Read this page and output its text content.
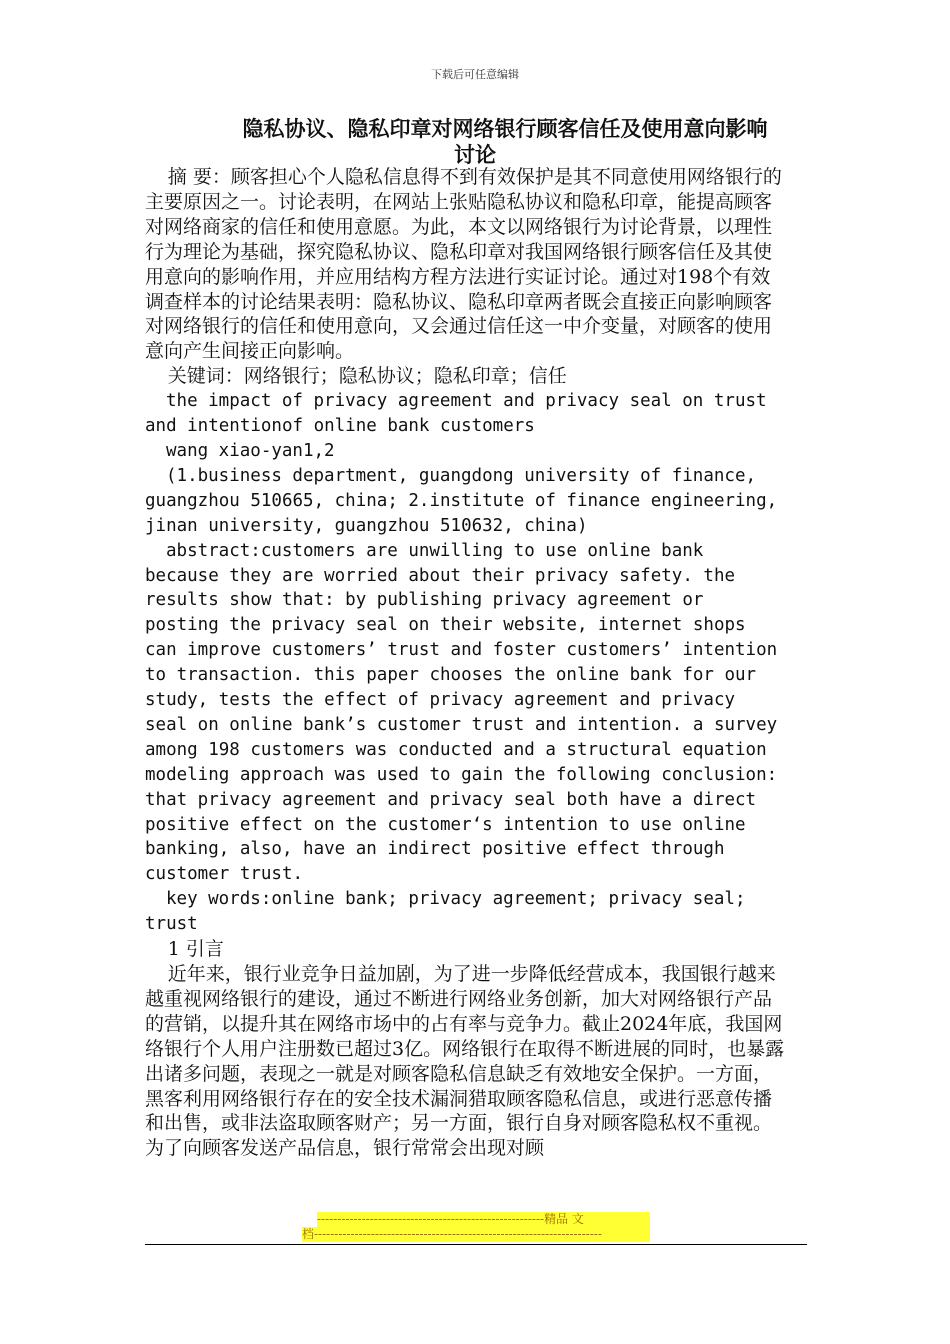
下载后可任意编辑
隐私协议、隐私印章对网络银行顾客信任及使用意向影响
讨论

摘 要：顾客担心个人隐私信息得不到有效保护是其不同意使用网络银行的主要原因之一。讨论表明，在网站上张贴隐私协议和隐私印章，能提高顾客对网络商家的信任和使用意愿。为此，本文以网络银行为讨论背景，以理性行为理论为基础，探究隐私协议、隐私印章对我国网络银行顾客信任及其使用意向的影响作用，并应用结构方程方法进行实证讨论。通过对198个有效调查样本的讨论结果表明：隐私协议、隐私印章两者既会直接正向影响顾客对网络银行的信任和使用意向，又会通过信任这一中介变量，对顾客的使用意向产生间接正向影响。

关键词：网络银行；隐私协议；隐私印章；信任

the impact of privacy agreement and privacy seal on trust and intentionof online bank customers

wang xiao-yan1,2

(1.business department, guangdong university of finance, guangzhou 510665, china; 2.institute of finance engineering, jinan university, guangzhou 510632, china)

abstract:customers are unwilling to use online bank because they are worried about their privacy safety. the results show that: by publishing privacy agreement or posting the privacy seal on their website, internet shops can improve customers’ trust and foster customers’ intention to transaction. this paper chooses the online bank for our study, tests the effect of privacy agreement and privacy seal on online bank’s customer trust and intention. a survey among 198 customers was conducted and a structural equation modeling approach was used to gain the following conclusion: that privacy agreement and privacy seal both have a direct positive effect on the customer‘s intention to use online banking, also, have an indirect positive effect through customer trust.

key words:online bank; privacy agreement; privacy seal; trust

1 引言

近年来，银行业竞争日益加剧，为了进一步降低经营成本，我国银行越来越重视网络银行的建设，通过不断进行网络业务创新，加大对网络银行产品的营销，以提升其在网络市场中的占有率与竞争力。截止2024年底，我国网络银行个人用户注册数已超过3亿。网络银行在取得不断进展的同时，也暴露出诸多问题，表现之一就是对顾客隐私信息缺乏有效地安全保护。一方面，黑客利用网络银行存在的安全技术漏洞猎取顾客隐私信息，或进行恶意传播和出售，或非法盗取顾客财产；另一方面，银行自身对顾客隐私权不重视。为了向顾客发送产品信息，银行常常会出现对顾

--------------------------------------------------------精品 文
档-----------------------------------------------------------------------
